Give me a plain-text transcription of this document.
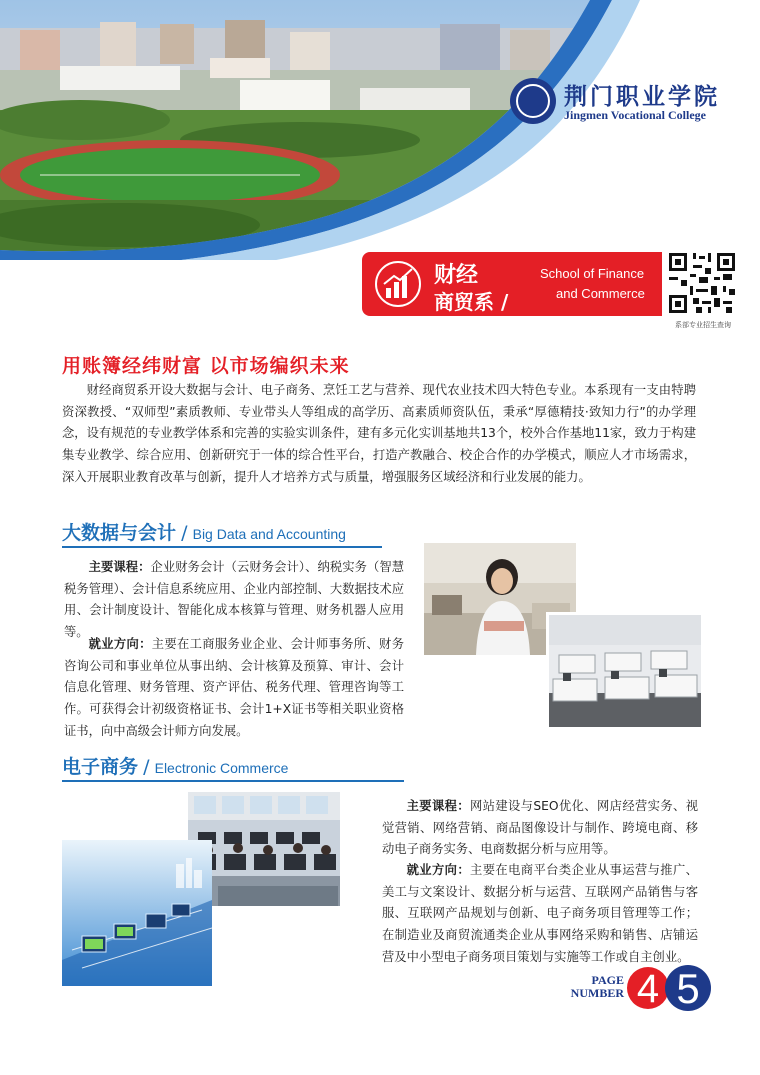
荆门职业学院
Jingmen Vocational College
财经
商贸系 /
School of Finance
and Commerce
系部专业招生查询
用账簿经纬财富 以市场编织未来
财经商贸系开设大数据与会计、电子商务、烹饪工艺与营养、现代农业技术四大特色专业。本系现有一支由特聘资深教授、“双师型”素质教师、专业带头人等组成的高学历、高素质师资队伍，秉承“厚德精技·致知力行”的办学理念，设有规范的专业教学体系和完善的实验实训条件，建有多元化实训基地共13个，校外合作基地11家，致力于构建集专业教学、综合应用、创新研究于一体的综合性平台，打造产教融合、校企合作的办学模式，顺应人才市场需求，深入开展职业教育改革与创新，提升人才培养方式与质量，增强服务区域经济和行业发展的能力。
大数据与会计 / Big Data and Accounting
主要课程：企业财务会计（云财务会计）、纳税实务（智慧税务管理）、会计信息系统应用、企业内部控制、大数据技术应用、会计制度设计、智能化成本核算与管理、财务机器人应用等。
就业方向：主要在工商服务业企业、会计师事务所、财务咨询公司和事业单位从事出纳、会计核算及预算、审计、会计信息化管理、财务管理、资产评估、税务代理、管理咨询等工作。可获得会计初级资格证书、会计1+X证书等相关职业资格证书，向中高级会计师方向发展。
电子商务 / Electronic Commerce
主要课程：网站建设与SEO优化、网店经营实务、视觉营销、网络营销、商品图像设计与制作、跨境电商、移动电子商务实务、电商数据分析与应用等。
就业方向：主要在电商平台类企业从事运营与推广、美工与文案设计、数据分析与运营、互联网产品销售与客服、互联网产品规划与创新、电子商务项目管理等工作；在制造业及商贸流通类企业从事网络采购和销售、店铺运营及中小型电子商务项目策划与实施等工作或自主创业。
PAGE
NUMBER 4 5
